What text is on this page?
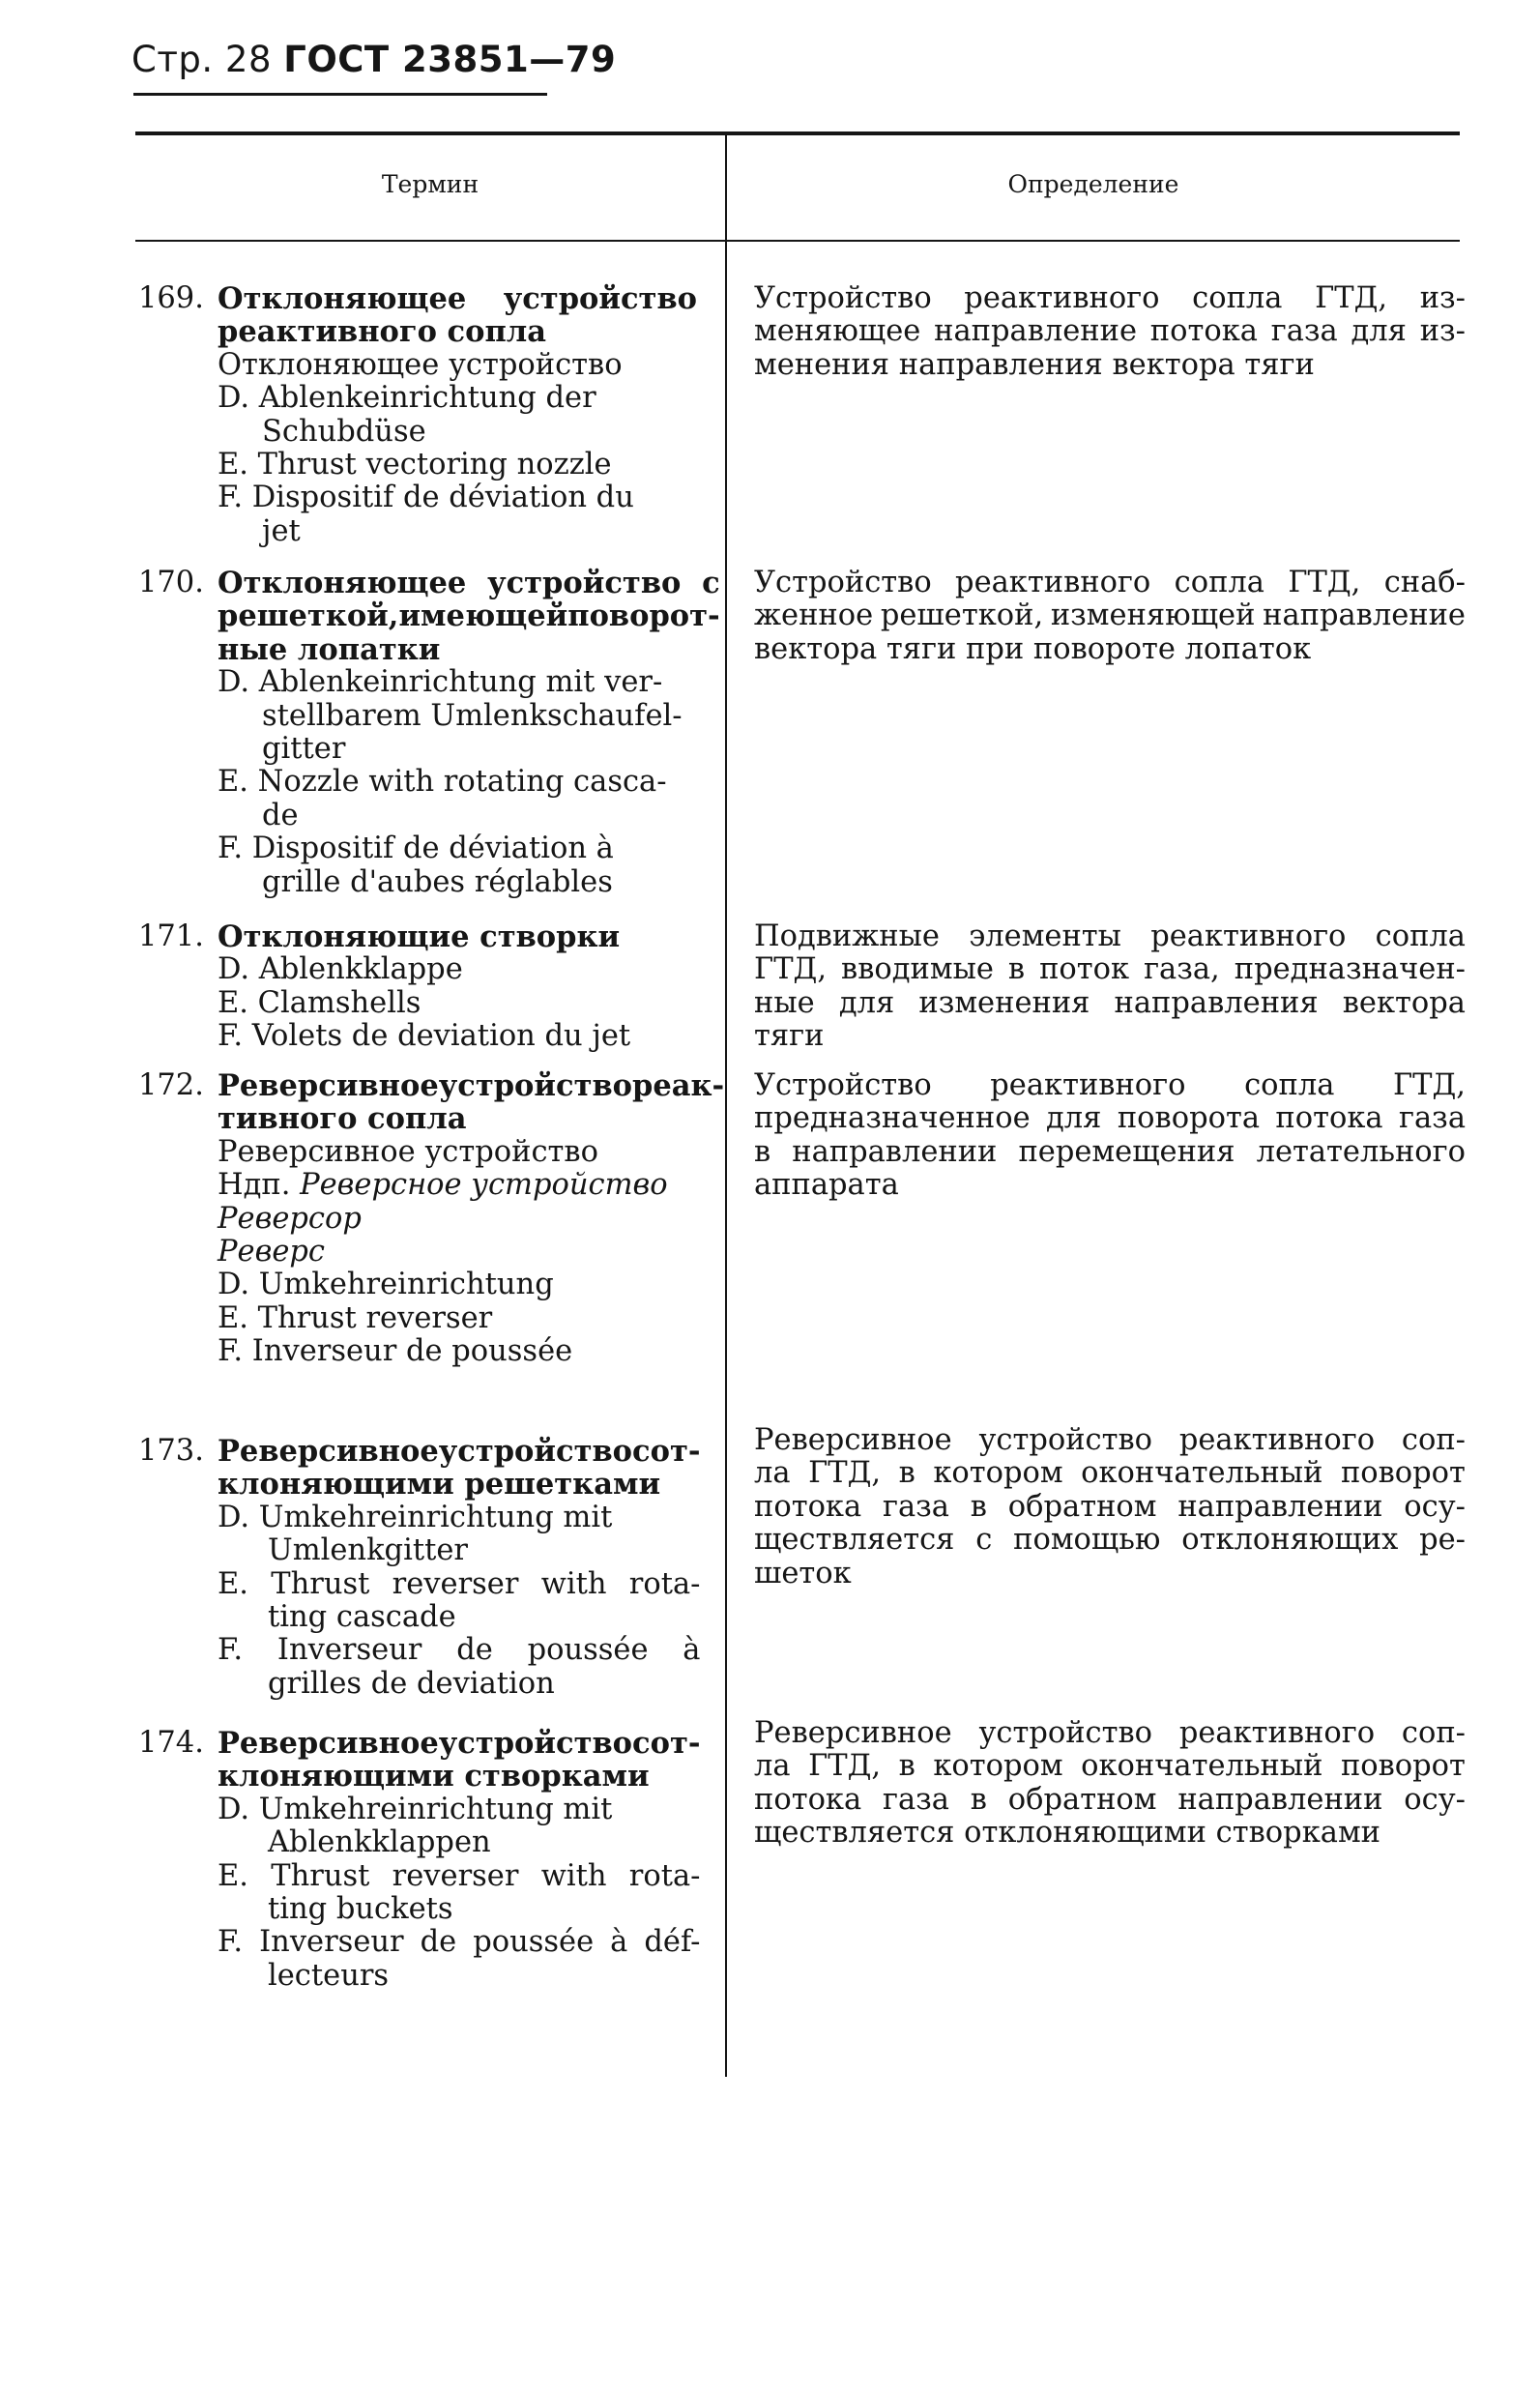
Стр. 28 ГОСТ 23851—79
Термин	Определение
169. Отклоняющее устройство
реактивного сопла
Отклоняющее устройство
D. Ablenkeinrichtung der
Schubdüse
E. Thrust vectoring nozzle
F. Dispositif de déviation du
jet
Устройство реактивного сопла ГТД, из-
меняющее направление потока газа для из-
менения направления вектора тяги
170. Отклоняющее устройство с
решеткой, имеющей поворот-
ные лопатки
D. Ablenkeinrichtung mit ver-
stellbarem Umlenkschaufel-
gitter
E. Nozzle with rotating casca-
de
F. Dispositif de déviation à
grille d'aubes réglables
Устройство реактивного сопла ГТД, снаб-
женное решеткой, изменяющей направление
вектора тяги при повороте лопаток
171. Отклоняющие створки
D. Ablenkklappe
E. Clamshells
F. Volets de deviation du jet
Подвижные элементы реактивного сопла
ГТД, вводимые в поток газа, предназначен-
ные для изменения направления вектора
тяги
172. Реверсивное устройство реак-
тивного сопла
Реверсивное устройство
Ндп. Реверсное устройство
Реверсор
Реверс
D. Umkehreinrichtung
E. Thrust reverser
F. Inverseur de poussée
Устройство реактивного сопла ГТД,
предназначенное для поворота потока газа
в направлении перемещения летательного
аппарата
173. Реверсивное устройство с от-
клоняющими решетками
D. Umkehreinrichtung mit
Umlenkgitter
E. Thrust reverser with rota-
ting cascade
F. Inverseur de poussée à
grilles de deviation
Реверсивное устройство реактивного соп-
ла ГТД, в котором окончательный поворот
потока газа в обратном направлении осу-
ществляется с помощью отклоняющих ре-
шеток
174. Реверсивное устройство с от-
клоняющими створками
D. Umkehreinrichtung mit
Ablenkklappen
E. Thrust reverser with rota-
ting buckets
F. Inverseur de poussée à déf-
lecteurs
Реверсивное устройство реактивного соп-
ла ГТД, в котором окончательный поворот
потока газа в обратном направлении осу-
ществляется отклоняющими створками
